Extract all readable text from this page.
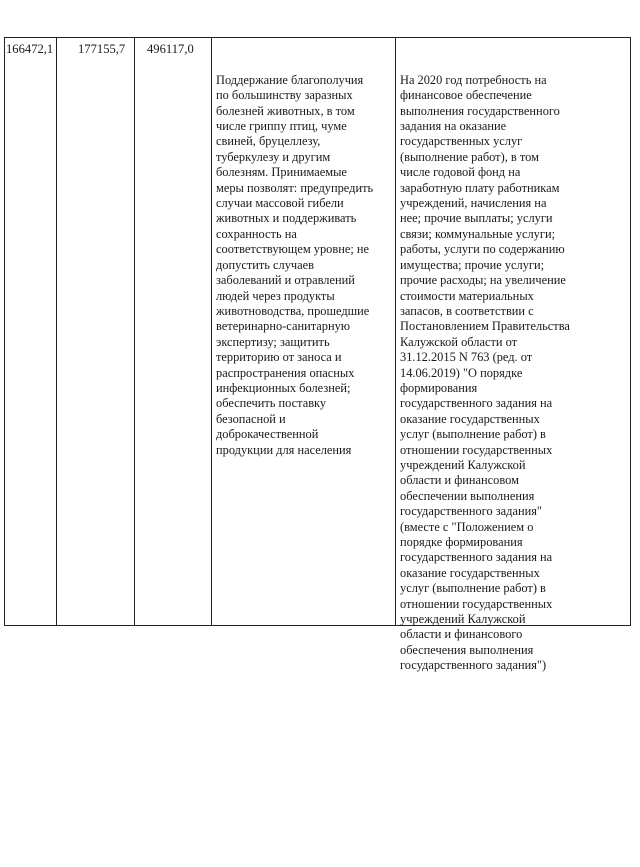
166472,1 177155,7 496117,0

Поддержание благополучия
по большинству заразных
болезней животных, в том
числе гриппу птиц, чуме
свиней, бруцеллезу,
туберкулезу и другим
болезням. Принимаемые
меры позволят: предупредить
случаи массовой гибели
животных и поддерживать
сохранность на
соответствующем уровне; не
допустить случаев
заболеваний и отравлений
людей через продукты
животноводства, прошедшие
ветеринарно-санитарную
экспертизу; защитить
территорию от заноса и
распространения опасных
инфекционных болезней;
обеспечить поставку
безопасной и
доброкачественной
продукции для населения

На 2020 год потребность на
финансовое обеспечение
выполнения государственного
задания на оказание
государственных услуг
(выполнение работ), в том
числе годовой фонд на
заработную плату работникам
учреждений, начисления на
нее; прочие выплаты; услуги
связи; коммунальные услуги;
работы, услуги по содержанию
имущества; прочие услуги;
прочие расходы; на увеличение
стоимости материальных
запасов, в соответствии с
Постановлением Правительства
Калужской области от
31.12.2015 N 763 (ред. от
14.06.2019) "О порядке
формирования
государственного задания на
оказание государственных
услуг (выполнение работ) в
отношении государственных
учреждений Калужской
области и финансовом
обеспечении выполнения
государственного задания"
(вместе с "Положением о
порядке формирования
государственного задания на
оказание государственных
услуг (выполнение работ) в
отношении государственных
учреждений Калужской
области и финансового
обеспечения выполнения
государственного задания")
